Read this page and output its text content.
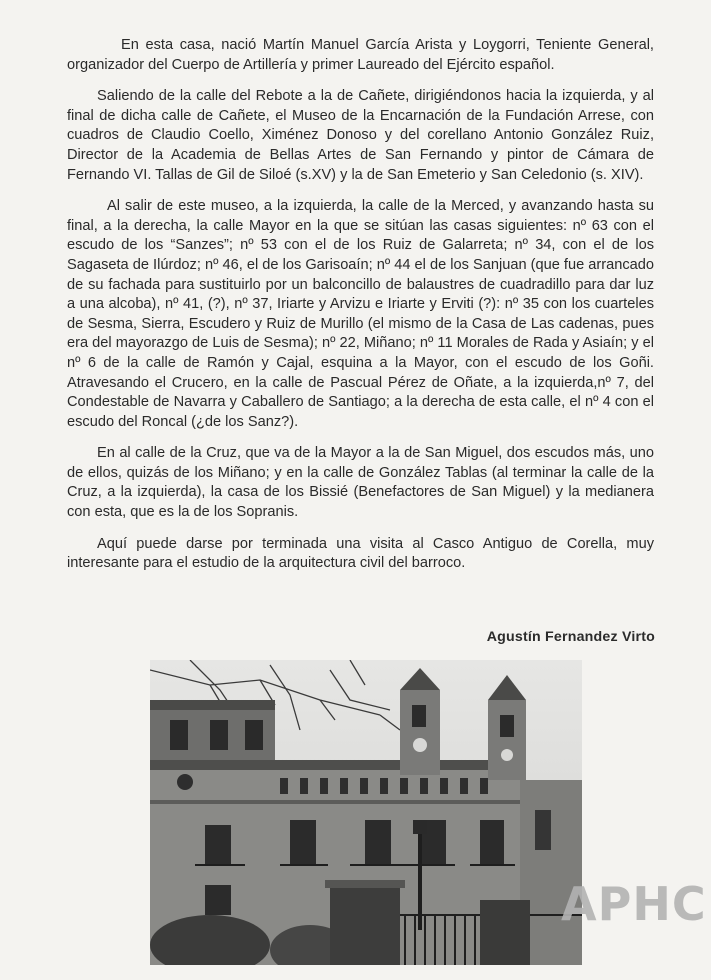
En esta casa, nació Martín Manuel García Arista y Loygorri, Teniente General, organizador del Cuerpo de Artillería y primer Laureado del Ejército español.

Saliendo de la calle del Rebote a la de Cañete, dirigiéndonos hacia la izquierda, y al final de dicha calle de Cañete, el Museo de la Encarnación de la Fundación Arrese, con cuadros de Claudio Coello, Ximénez Donoso y del corellano Antonio González Ruiz, Director de la Academia de Bellas Artes de San Fernando y pintor de Cámara de Fernando VI. Tallas de Gil de Siloé (s.XV) y la de San Emeterio y San Celedonio (s. XIV).

Al salir de este museo, a la izquierda, la calle de la Merced, y avanzando hasta su final, a la derecha, la calle Mayor en la que se sitúan las casas siguientes: nº 63 con el escudo de los “Sanzes”; nº 53 con el de los Ruiz de Galarreta; nº 34, con el de los Sagaseta de Ilúrdoz; nº 46, el de los Garisoaín; nº 44 el de los Sanjuan (que fue arrancado de su fachada para sustituirlo por un balconcillo de balaustres de cuadradillo para dar luz a una alcoba), nº 41, (?), nº 37, Iriarte y Arvizu e Iriarte y Erviti (?): nº 35 con los cuarteles de Sesma, Sierra, Escudero y Ruiz de Murillo (el mismo de la Casa de Las cadenas, pues era del mayorazgo de Luis de Sesma); nº 22, Miñano; nº 11 Morales de Rada y Asiaín; y el nº 6 de la calle de Ramón y Cajal, esquina a la Mayor, con el escudo de los Goñi. Atravesando el Crucero, en la calle de Pascual Pérez de Oñate, a la izquierda,nº 7, del Condestable de Navarra y Caballero de Santiago; a la derecha de esta calle, el nº 4 con el escudo del Roncal (¿de los Sanz?).

En al calle de la Cruz, que va de la Mayor a la de San Miguel, dos escudos más, uno de ellos, quizás de los Miñano; y en la calle de González Tablas (al terminar la calle de la Cruz, a la izquierda), la casa de los Bissié (Benefactores de San Miguel) y la medianera con esta, que es la de los Sopranis.

Aquí puede darse por terminada una visita al Casco Antiguo de Corella, muy interesante para el estudio de la arquitectura civil del barroco.

Agustín Fernandez Virto
APHC
